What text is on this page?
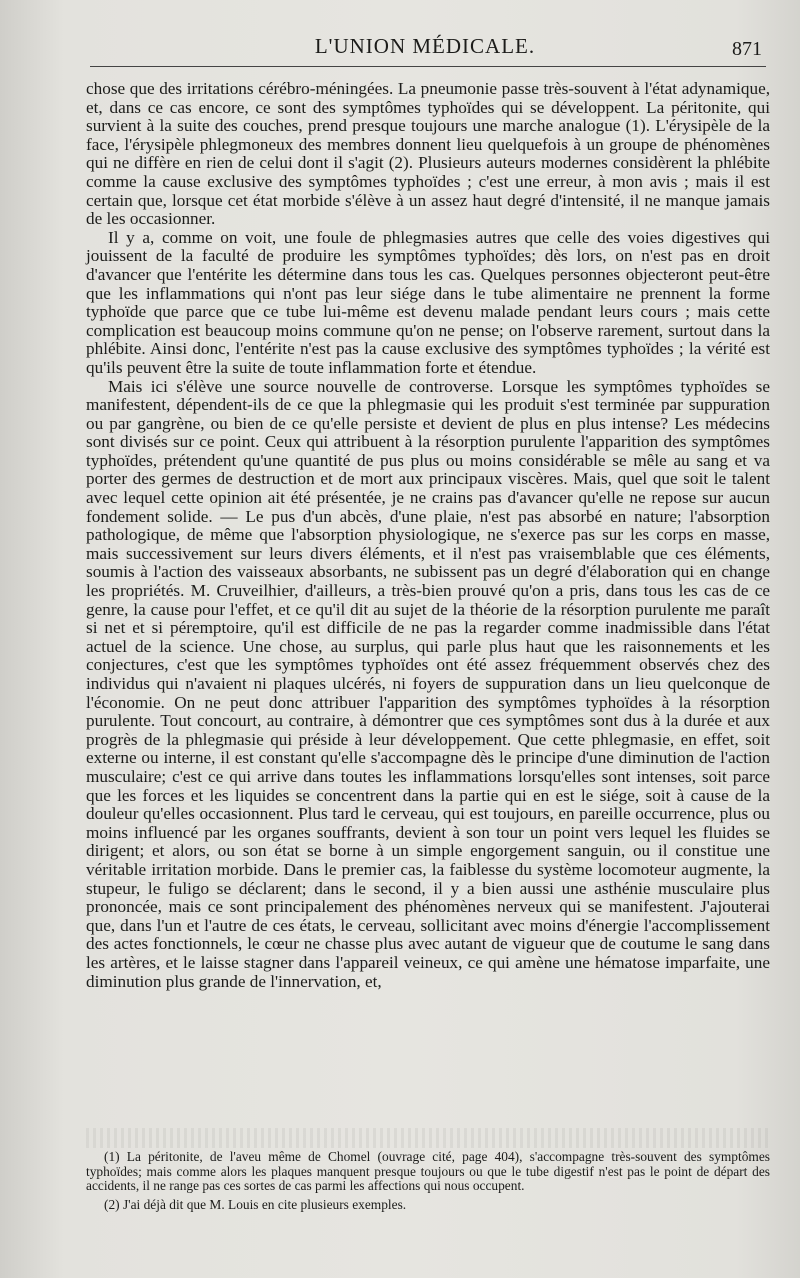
L'UNION MÉDICALE.	871

chose que des irritations cérébro-méningées. La pneumonie passe très-souvent à l'état adynamique, et, dans ce cas encore, ce sont des symptômes typhoïdes qui se développent. La péritonite, qui survient à la suite des couches, prend presque toujours une marche analogue (1). L'érysipèle de la face, l'érysipèle phlegmoneux des membres donnent lieu quelquefois à un groupe de phénomènes qui ne diffère en rien de celui dont il s'agit (2). Plusieurs auteurs modernes considèrent la phlébite comme la cause exclusive des symptômes typhoïdes ; c'est une erreur, à mon avis ; mais il est certain que, lorsque cet état morbide s'élève à un assez haut degré d'intensité, il ne manque jamais de les occasionner.

Il y a, comme on voit, une foule de phlegmasies autres que celle des voies digestives qui jouissent de la faculté de produire les symptômes typhoïdes; dès lors, on n'est pas en droit d'avancer que l'entérite les détermine dans tous les cas. Quelques personnes objecteront peut-être que les inflammations qui n'ont pas leur siége dans le tube alimentaire ne prennent la forme typhoïde que parce que ce tube lui-même est devenu malade pendant leurs cours ; mais cette complication est beaucoup moins commune qu'on ne pense; on l'observe rarement, surtout dans la phlébite. Ainsi donc, l'entérite n'est pas la cause exclusive des symptômes typhoïdes ; la vérité est qu'ils peuvent être la suite de toute inflammation forte et étendue.

Mais ici s'élève une source nouvelle de controverse. Lorsque les symptômes typhoïdes se manifestent, dépendent-ils de ce que la phlegmasie qui les produit s'est terminée par suppuration ou par gangrène, ou bien de ce qu'elle persiste et devient de plus en plus intense? Les médecins sont divisés sur ce point. Ceux qui attribuent à la résorption purulente l'apparition des symptômes typhoïdes, prétendent qu'une quantité de pus plus ou moins considérable se mêle au sang et va porter des germes de destruction et de mort aux principaux viscères. Mais, quel que soit le talent avec lequel cette opinion ait été présentée, je ne crains pas d'avancer qu'elle ne repose sur aucun fondement solide. — Le pus d'un abcès, d'une plaie, n'est pas absorbé en nature; l'absorption pathologique, de même que l'absorption physiologique, ne s'exerce pas sur les corps en masse, mais successivement sur leurs divers éléments, et il n'est pas vraisemblable que ces éléments, soumis à l'action des vaisseaux absorbants, ne subissent pas un degré d'élaboration qui en change les propriétés. M. Cruveilhier, d'ailleurs, a très-bien prouvé qu'on a pris, dans tous les cas de ce genre, la cause pour l'effet, et ce qu'il dit au sujet de la théorie de la résorption purulente me paraît si net et si péremptoire, qu'il est difficile de ne pas la regarder comme inadmissible dans l'état actuel de la science. Une chose, au surplus, qui parle plus haut que les raisonnements et les conjectures, c'est que les symptômes typhoïdes ont été assez fréquemment observés chez des individus qui n'avaient ni plaques ulcérés, ni foyers de suppuration dans un lieu quelconque de l'économie. On ne peut donc attribuer l'apparition des symptômes typhoïdes à la résorption purulente. Tout concourt, au contraire, à démontrer que ces symptômes sont dus à la durée et aux progrès de la phlegmasie qui préside à leur développement. Que cette phlegmasie, en effet, soit externe ou interne, il est constant qu'elle s'accompagne dès le principe d'une diminution de l'action musculaire; c'est ce qui arrive dans toutes les inflammations lorsqu'elles sont intenses, soit parce que les forces et les liquides se concentrent dans la partie qui en est le siége, soit à cause de la douleur qu'elles occasionnent. Plus tard le cerveau, qui est toujours, en pareille occurrence, plus ou moins influencé par les organes souffrants, devient à son tour un point vers lequel les fluides se dirigent; et alors, ou son état se borne à un simple engorgement sanguin, ou il constitue une véritable irritation morbide. Dans le premier cas, la faiblesse du système locomoteur augmente, la stupeur, le fuligo se déclarent; dans le second, il y a bien aussi une asthénie musculaire plus prononcée, mais ce sont principalement des phénomènes nerveux qui se manifestent. J'ajouterai que, dans l'un et l'autre de ces états, le cerveau, sollicitant avec moins d'énergie l'accomplissement des actes fonctionnels, le cœur ne chasse plus avec autant de vigueur que de coutume le sang dans les artères, et le laisse stagner dans l'appareil veineux, ce qui amène une hématose imparfaite, une diminution plus grande de l'innervation, et,

(1) La péritonite, de l'aveu même de Chomel (ouvrage cité, page 404), s'accompagne très-souvent des symptômes typhoïdes; mais comme alors les plaques manquent presque toujours ou que le tube digestif n'est pas le point de départ des accidents, il ne range pas ces sortes de cas parmi les affections qui nous occupent.

(2) J'ai déjà dit que M. Louis en cite plusieurs exemples.
